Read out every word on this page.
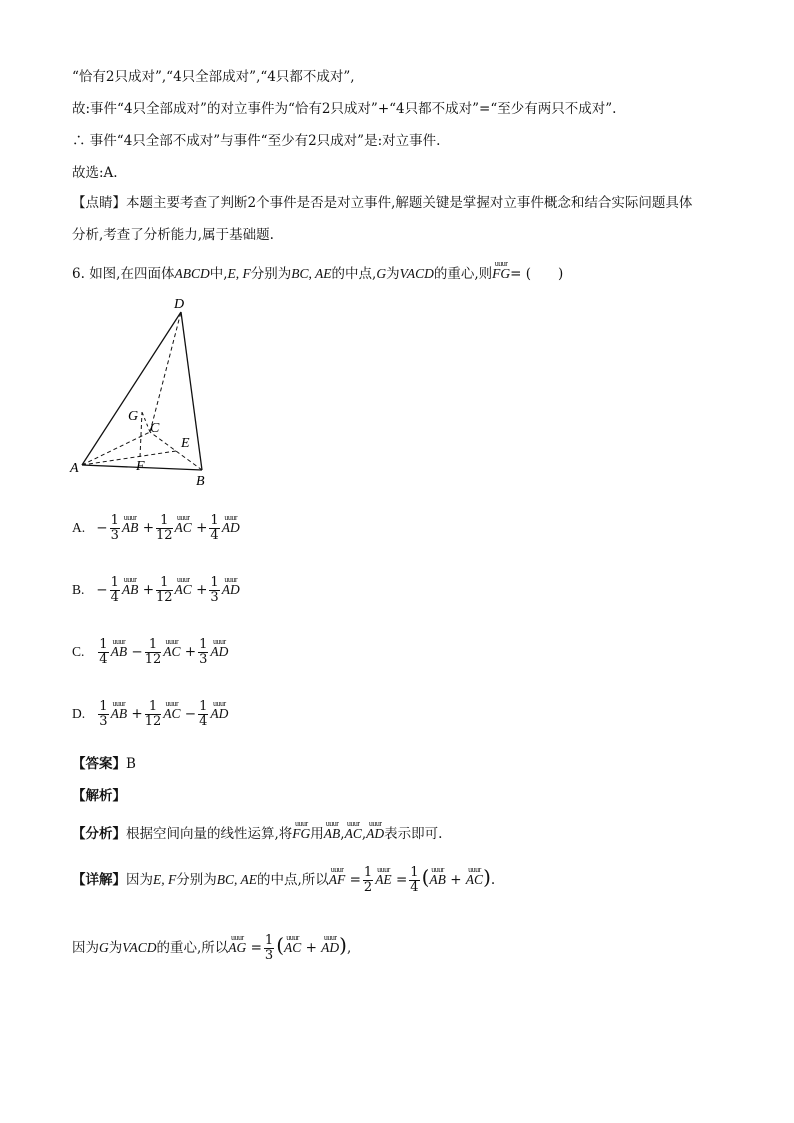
“恰有2只成对”,“4只全部成对”,“4只都不成对”,
故:事件“4只全部成对”的对立事件为“恰有2只成对”+“4只都不成对”=“至少有两只不成对”.
∴ 事件“4只全部不成对”与事件“至少有2只成对”是:对立事件.
故选:A.
【点睛】本题主要考查了判断2个事件是否是对立事件,解题关键是掌握对立事件概念和结合实际问题具体
分析,考查了分析能力,属于基础题.
6. 如图,在四面体ABCD中,E, F分别为BC, AE的中点,G为VACD的重心,则uuur FG= (　　)
D
A
B
G
C
E
F
A. − $\frac{1}{3}$ uuur AB + $\frac{1}{12}$ uuur AC + $\frac{1}{4}$ uuur AD
B. − $\frac{1}{4}$ uuur AB + $\frac{1}{12}$ uuur AC + $\frac{1}{3}$ uuur AD
C. $\frac{1}{4}$ uuur AB − $\frac{1}{12}$ uuur AC + $\frac{1}{3}$ uuur AD
D. $\frac{1}{3}$ uuur AB + $\frac{1}{12}$ uuur AC − $\frac{1}{4}$ uuur AD
【答案】B
【解析】
【分析】根据空间向量的线性运算,将uuur FG用uuur AB,uuur AC,uuur AD表示即可.
【详解】因为E, F分别为BC, AE的中点,所以uuur AF = $\frac{1}{2}$ uuur AE = $\frac{1}{4}$ (uuur AB + uuur AC).
因为G为VACD的重心,所以uuur AG = $\frac{1}{3}$ (uuur AC + uuur AD),
